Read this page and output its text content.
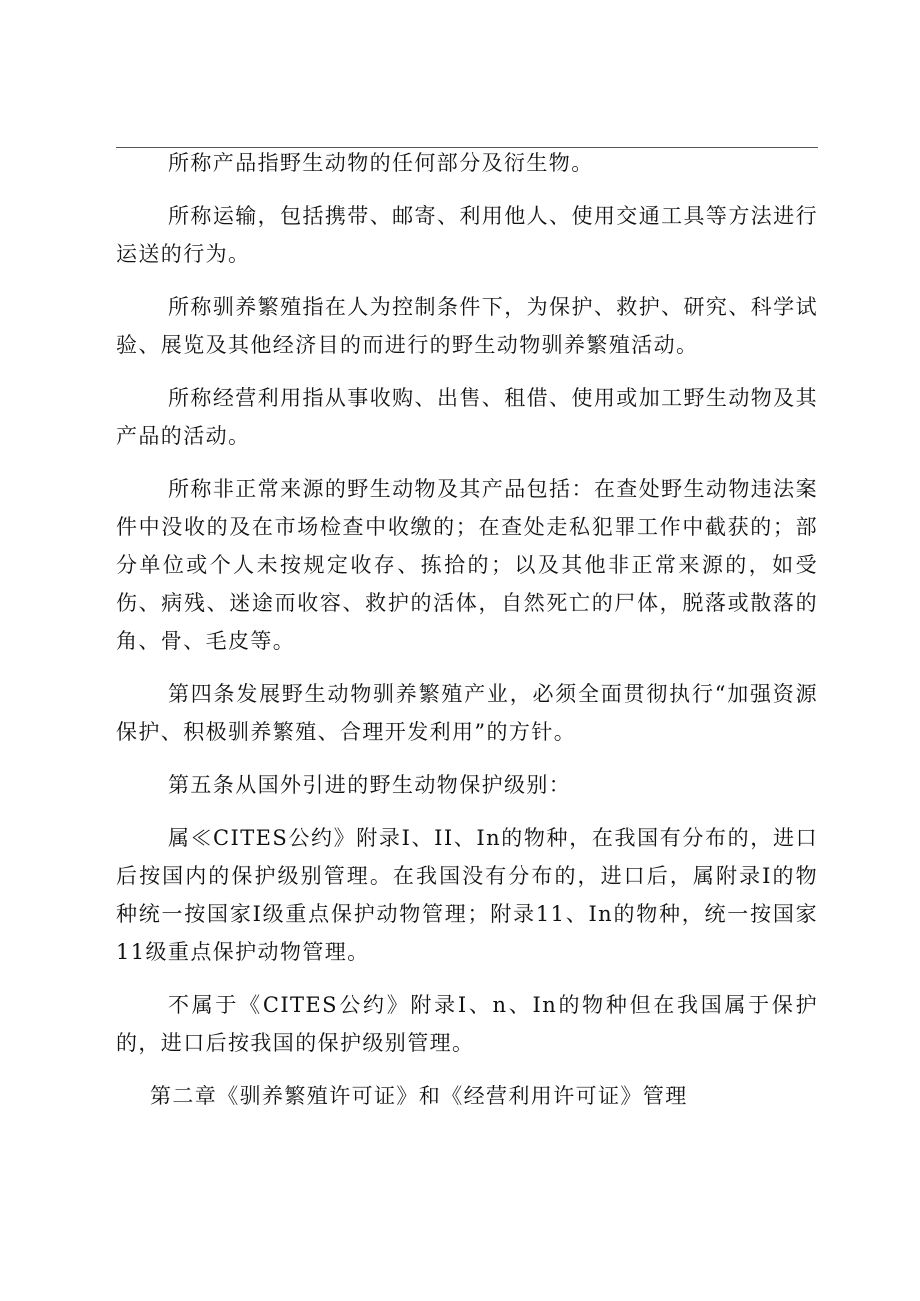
所称产品指野生动物的任何部分及衍生物。

所称运输，包括携带、邮寄、利用他人、使用交通工具等方法进行运送的行为。

所称驯养繁殖指在人为控制条件下，为保护、救护、研究、科学试验、展览及其他经济目的而进行的野生动物驯养繁殖活动。

所称经营利用指从事收购、出售、租借、使用或加工野生动物及其产品的活动。

所称非正常来源的野生动物及其产品包括：在查处野生动物违法案件中没收的及在市场检查中收缴的；在查处走私犯罪工作中截获的；部分单位或个人未按规定收存、拣拾的；以及其他非正常来源的，如受伤、病残、迷途而收容、救护的活体，自然死亡的尸体，脱落或散落的角、骨、毛皮等。

第四条发展野生动物驯养繁殖产业，必须全面贯彻执行“加强资源保护、积极驯养繁殖、合理开发利用”的方针。

第五条从国外引进的野生动物保护级别：

属≪CITES公约》附录I、II、In的物种，在我国有分布的，进口后按国内的保护级别管理。在我国没有分布的，进口后，属附录I的物种统一按国家I级重点保护动物管理；附录11、In的物种，统一按国家11级重点保护动物管理。

不属于《CITES公约》附录I、n、In的物种但在我国属于保护的，进口后按我国的保护级别管理。

第二章《驯养繁殖许可证》和《经营利用许可证》管理
